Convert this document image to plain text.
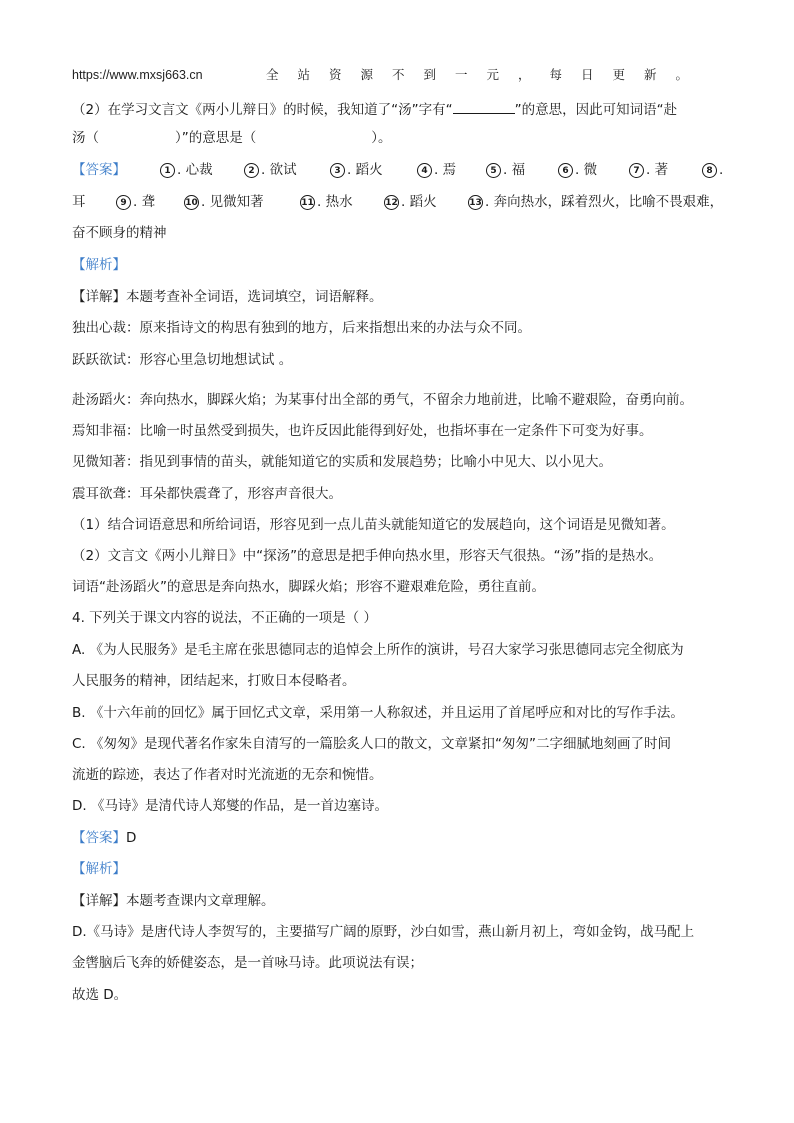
https://www.mxsj663.cn	全站资源不到一元，每日更新。
（2）在学习文言文《两小儿辩日》的时候，我知道了“汤”字有“	”的意思，因此可知词语“赴
汤（	）”的意思是（	）。
【答案】	1 . 心裁	2 . 欲试	3 . 蹈火	4 . 焉	5 . 福	6 . 微	7 . 著	8 .
耳	9 . 聋	10 . 见微知著	11 . 热水	12 . 蹈火	13 . 奔向热水，踩着烈火，比喻不畏艰难，
奋不顾身的精神
【解析】
【详解】本题考查补全词语，选词填空，词语解释。
独出心裁：原来指诗文的构思有独到的地方，后来指想出来的办法与众不同。
跃跃欲试：形容心里急切地想试试 。
赴汤蹈火：奔向热水，脚踩火焰；为某事付出全部的勇气，不留余力地前进，比喻不避艰险，奋勇向前。
焉知非福：比喻一时虽然受到损失，也许反因此能得到好处，也指坏事在一定条件下可变为好事。
见微知著：指见到事情的苗头，就能知道它的实质和发展趋势；比喻小中见大、以小见大。
震耳欲聋：耳朵都快震聋了，形容声音很大。
（1）结合词语意思和所给词语，形容见到一点儿苗头就能知道它的发展趋向，这个词语是见微知著。
（2）文言文《两小儿辩日》中“探汤”的意思是把手伸向热水里，形容天气很热。“汤”指的是热水。
词语“赴汤蹈火”的意思是奔向热水，脚踩火焰；形容不避艰难危险，勇往直前。
4. 下列关于课文内容的说法，不正确的一项是（ ）
A. 《为人民服务》是毛主席在张思德同志的追悼会上所作的演讲，号召大家学习张思德同志完全彻底为
人民服务的精神，团结起来，打败日本侵略者。
B. 《十六年前的回忆》属于回忆式文章，采用第一人称叙述，并且运用了首尾呼应和对比的写作手法。
C. 《匆匆》是现代著名作家朱自清写的一篇脍炙人口的散文，文章紧扣“匆匆”二字细腻地刻画了时间
流逝的踪迹，表达了作者对时光流逝的无奈和惋惜。
D. 《马诗》是清代诗人郑燮的作品，是一首边塞诗。
【答案】D
【解析】
【详解】本题考查课内文章理解。
D.《马诗》是唐代诗人李贺写的，主要描写广阔的原野，沙白如雪，燕山新月初上，弯如金钩，战马配上
金辔脑后飞奔的娇健姿态，是一首咏马诗。此项说法有误；
故选 D。
